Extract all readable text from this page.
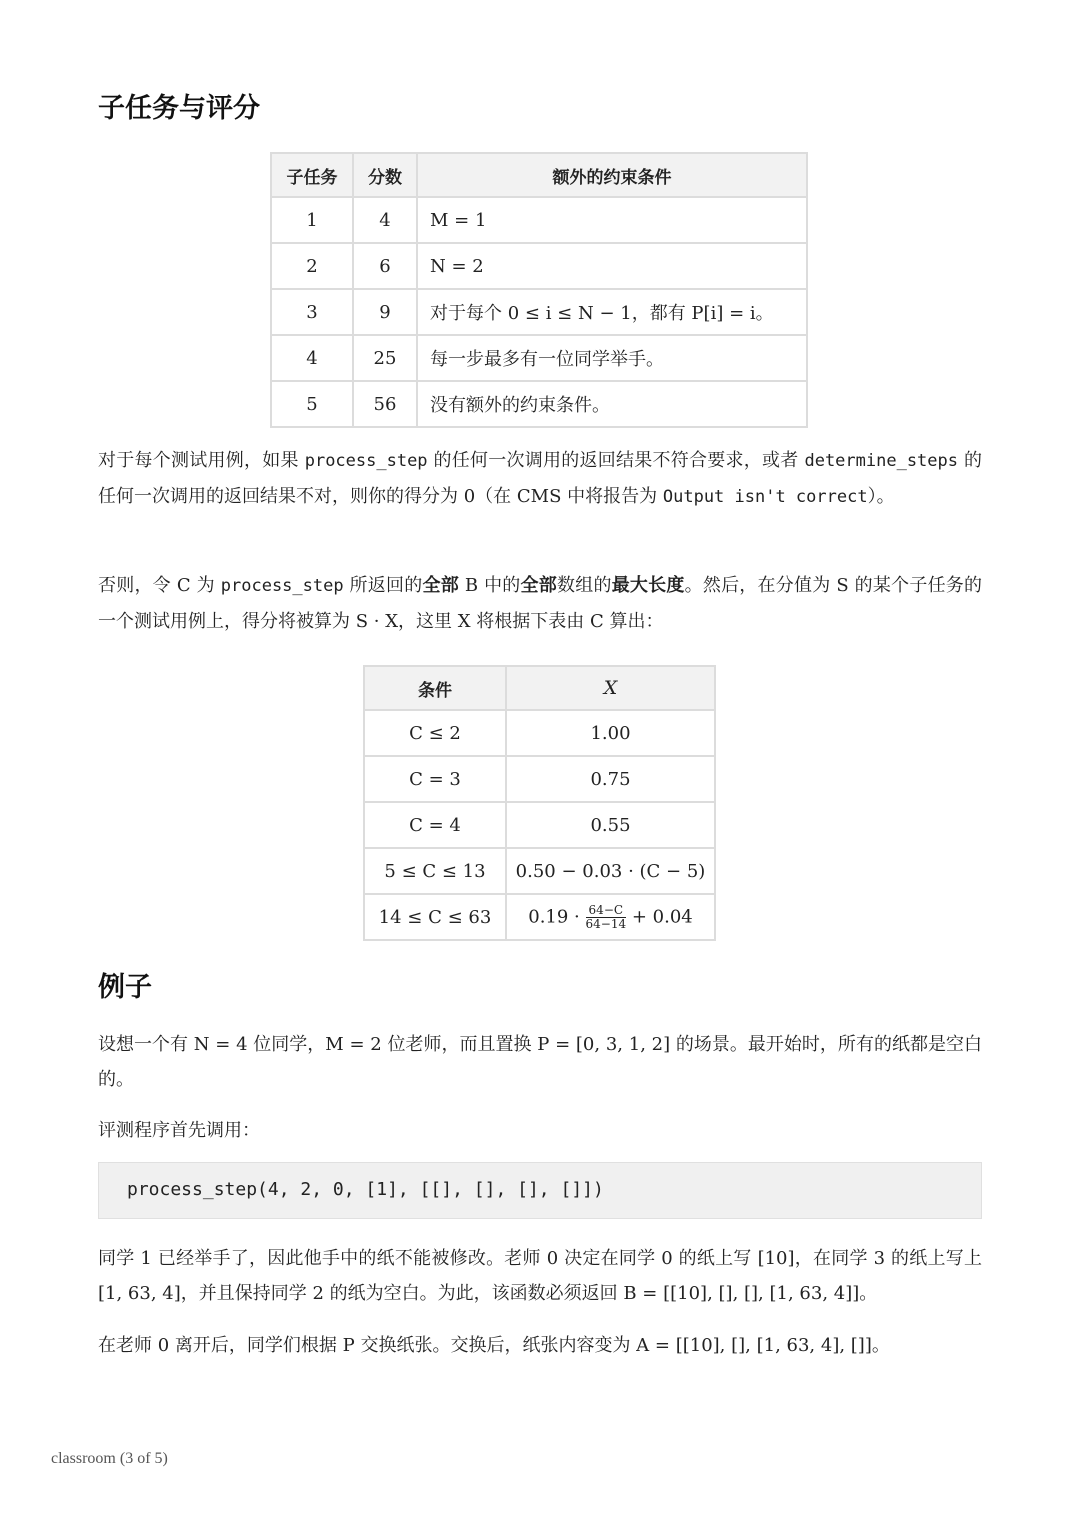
子任务与评分
子任务	分数	额外的约束条件
1	4	M = 1
2	6	N = 2
3	9	对于每个 0 ≤ i ≤ N − 1，都有 P[i] = i。
4	25	每一步最多有一位同学举手。
5	56	没有额外的约束条件。
对于每个测试用例，如果 process_step 的任何一次调用的返回结果不符合要求，或者 determine_steps 的任何一次调用的返回结果不对，则你的得分为 0（在 CMS 中将报告为 Output isn't correct）。
否则，令 C 为 process_step 所返回的全部 B 中的全部数组的最大长度。然后，在分值为 S 的某个子任务的一个测试用例上，得分将被算为 S · X，这里 X 将根据下表由 C 算出：
条件	X
C ≤ 2	1.00
C = 3	0.75
C = 4	0.55
5 ≤ C ≤ 13	0.50 − 0.03 · (C − 5)
14 ≤ C ≤ 63	$0.19 \cdot \frac{64-C}{64-14} + 0.04$
例子
设想一个有 N = 4 位同学，M = 2 位老师，而且置换 P = [0, 3, 1, 2] 的场景。最开始时，所有的纸都是空白的。
评测程序首先调用：
process_step(4, 2, 0, [1], [[], [], [], []])
同学 1 已经举手了，因此他手中的纸不能被修改。老师 0 决定在同学 0 的纸上写 [10]，在同学 3 的纸上写上 [1, 63, 4]，并且保持同学 2 的纸为空白。为此，该函数必须返回 B = [[10], [], [], [1, 63, 4]]。
在老师 0 离开后，同学们根据 P 交换纸张。交换后，纸张内容变为 A = [[10], [], [1, 63, 4], []]。
classroom (3 of 5)
